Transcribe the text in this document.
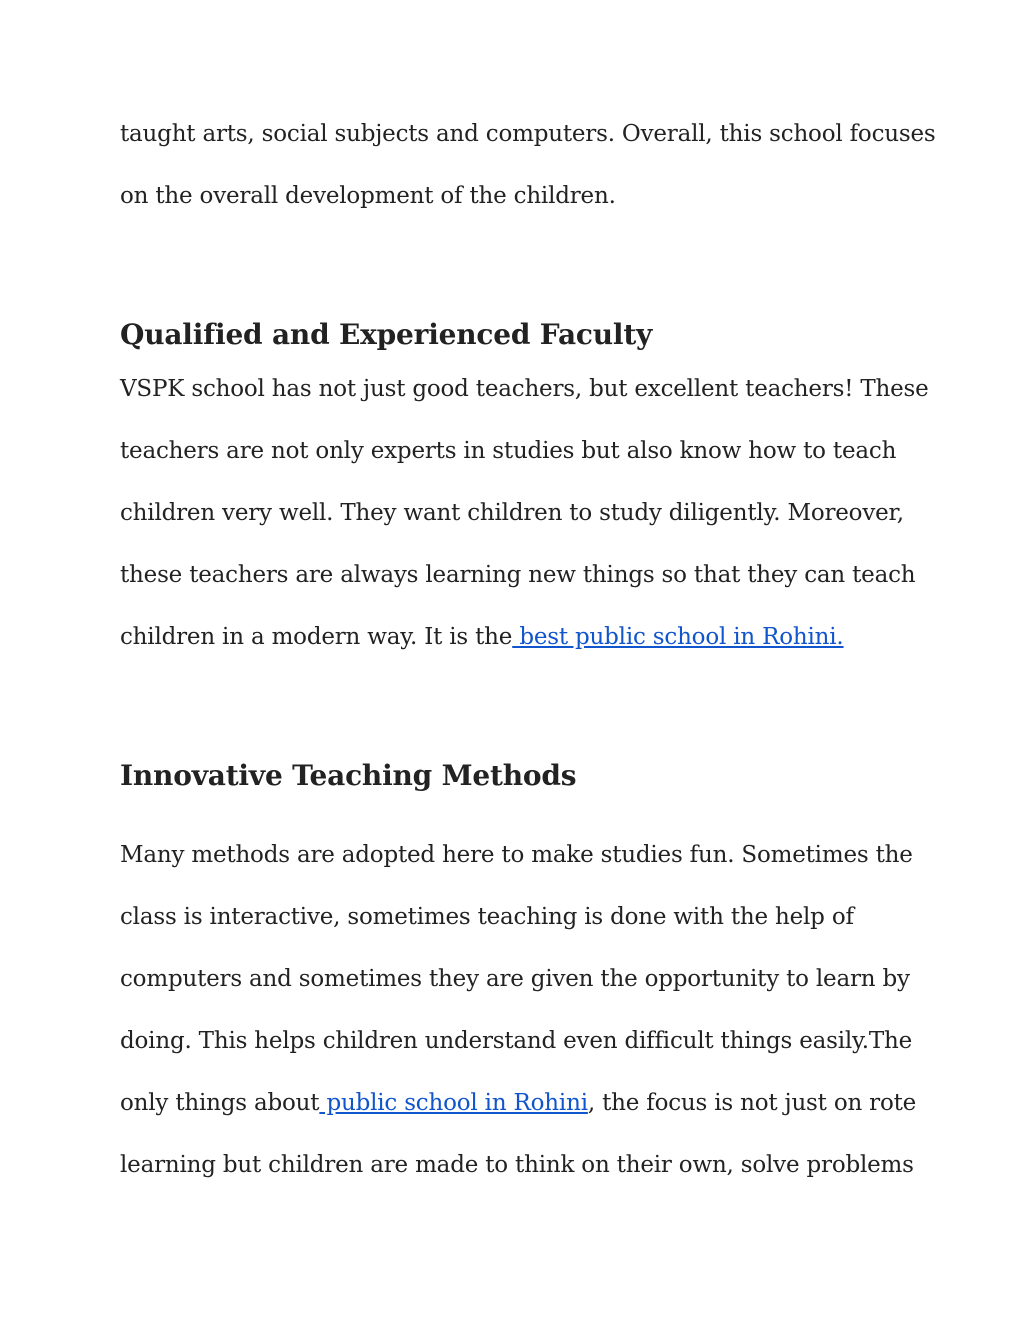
taught arts, social subjects and computers. Overall, this school focuses
on the overall development of the children.
Qualified and Experienced Faculty
VSPK school has not just good teachers, but excellent teachers! These
teachers are not only experts in studies but also know how to teach
children very well. They want children to study diligently. Moreover,
these teachers are always learning new things so that they can teach
children in a modern way. It is the best public school in Rohini.
Innovative Teaching Methods
Many methods are adopted here to make studies fun. Sometimes the
class is interactive, sometimes teaching is done with the help of
computers and sometimes they are given the opportunity to learn by
doing. This helps children understand even difficult things easily.The
only things about public school in Rohini, the focus is not just on rote
learning but children are made to think on their own, solve problems
